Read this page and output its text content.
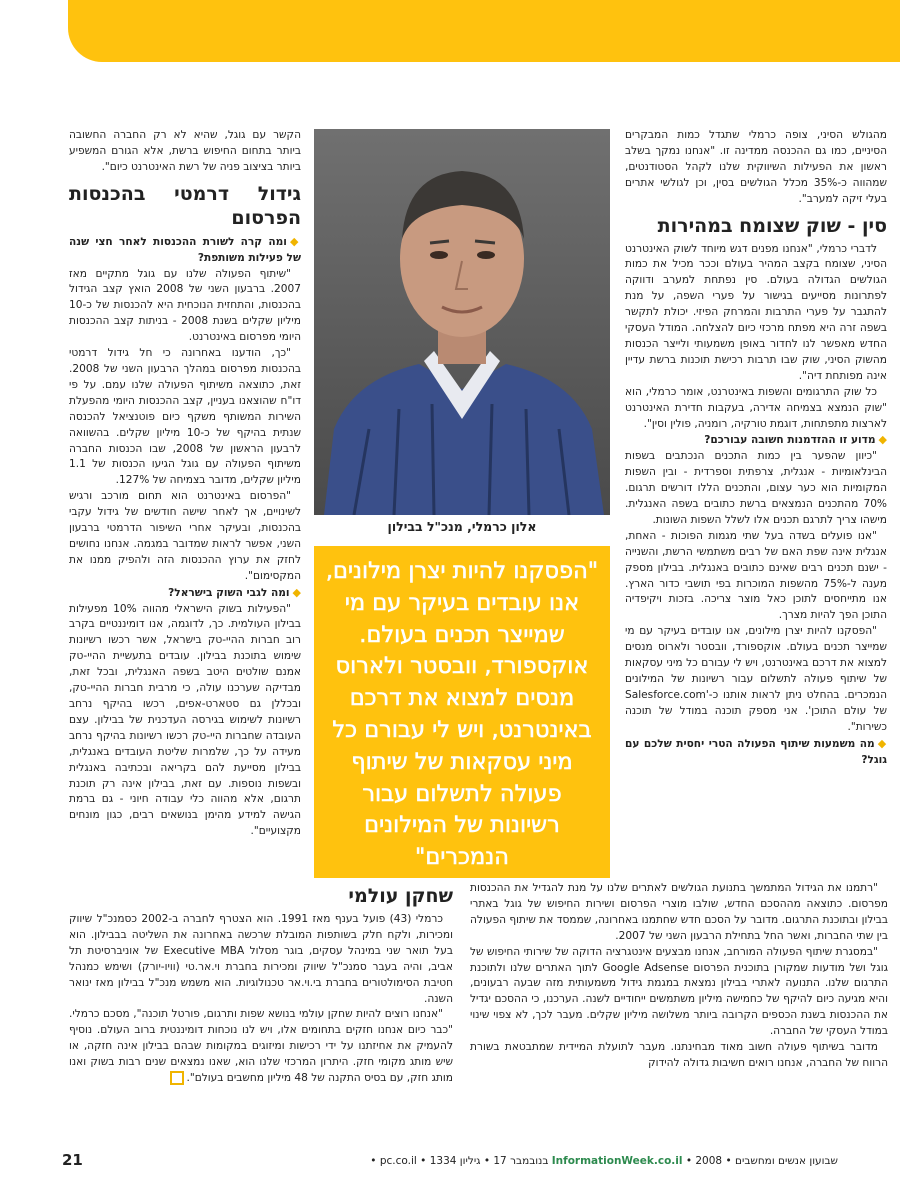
מהגולש הסיני, צופה כרמלי שתגדל כמות המבקרים הסיניים, כמו גם ההכנסה ממדינה זו. "אנחנו נמקך בשלב ראשון את הפעילות השיווקית שלנו לקהל הסטודנטים, שמהווה כ-35% מכלל הגולשים בסין, וכן לגולשי אתרים בעלי זיקה למערב".

סין - שוק שצומח במהירות

לדברי כרמלי, "אנחנו מפנים דגש מיוחד לשוק האינטרנט הסיני, שצומח בקצב המהיר בעולם וככר מכיל את כמות הגולשים הגדולה בעולם. סין נפתחת למערב ודווקה לפתרונות מסייעים בגישור על פערי השפה, על מנת להתגבר על פערי התרבות והמרחק הפיזי. יכולת לתקשר בשפה זרה היא מפתח מרכזי כיום להצלחה. המודל העסקי החדש מאפשר לנו לחדור באופן משמעותי ולייצר הכנסות מהשוק הסיני, שוק שבו תרבות רכישת תוכנות ברשת עדיין אינה מפותחת דיה".

כל שוק התרגומים והשפות באינטרנט, אומר כרמלי, הוא "שוק הנמצא בצמיחה אדירה, בעקבות חדירת האינטרנט לארצות מתפתחות, דוגמת טורקיה, רומניה, פולין וסין".

◆מדוע זו ההזדמנות חשובה עבורכם?

"כיוון שהפער בין כמות התכנים הנכתבים בשפות הבינלאומיות - אנגלית, צרפתית וספרדית - ובין השפות המקומיות הוא כער עצום, והתכנים הללו דורשים תרגום. 70% מהתכנים הנמצאים ברשת כתובים בשפה האנגלית. מישהו צריך לתרגם תכנים אלו לשלל השפות השונות.

"אנו פועלים בשדה בעל שתי מגמות הפוכות - האחת, אנגלית אינה שפת האם של רבים משתמשי הרשת, והשנייה - ישנם תכנים רבים שאינם כתובים באנגלית. בבילון מספק מענה ל-75% מהשפות המוכרות בפי תושבי כדור הארץ. אנו מתייחסים לתוכן כאל מוצר צריכה. בזכות ויקיפדיה התוכן הפך להיות מצרך.

"הפסקנו להיות יצרן מילונים, אנו עובדים בעיקר עם מי שמייצר תכנים בעולם. אוקספורד, וובסטר ולארוס מנסים למצוא את דרכם באינטרנט, ויש לי עבורם כל מיני עסקאות של שיתוף פעולה לתשלום עבור רשיונות של המילונים הנמכרים. בהחלט ניתן לראות אותנו כ-'Salesforce.com של עולם התוכן'. אני מספק תוכנה במודל של תוכנה כשירות".

◆מה משמעות שיתוף הפעולה הטרי יחסית שלכם עם גוגל?

הקשר עם גוגל, שהיא לא רק החברה החשובה ביותר בתחום החיפוש ברשת, אלא הגורם המשפיע ביותר בציצוב פניה של רשת האינטרנט כיום".

גידול דרמטי בהכנסות הפרסום

◆ומה קרה לשורת ההכנסות לאחר חצי שנה של פעילות משותפת?

"שיתוף הפעולה שלנו עם גוגל מתקיים מאז 2007. ברבעון השני של 2008 הואץ קצב הגידול בהכנסות, והתחזית הנוכחית היא להכנסות של כ-10 מיליון שקלים בשנת 2008 - בניתות קצב ההכנסות היומי מפרסום באינטרנט.

"כך, הודענו באחרונה כי חל גידול דרמטי בהכנסות מפרסום במהלך הרבעון השני של 2008. זאת, כתוצאה משיתוף הפעולה שלנו עמם. על פי דו"ח שהוצאנו בעניין, קצב ההכנסות היומי מהפעלת השירות המשותף משקף כיום פוטנציאל להכנסה שנתית בהיקף של כ-10 מיליון שקלים. בהשוואה לרבעון הראשון של 2008, שבו הכנסות החברה משיתוף הפעולה עם גוגל הגיעו הכנסות של 1.1 מיליון שקלים, מדובר בצמיחה של 127%.

"הפרסום באינטרנט הוא תחום מורכב ורגיש לשינויים, אך לאחר שישה חודשים של גידול עקבי בהכנסות, ובעיקר אחרי השיפור הדרמטי ברבעון השני, אפשר לראות שמדובר במגמה. אנחנו נחושים לחזק את ערוץ ההכנסות הזה ולהפיק ממנו את המקסימום".

◆ומה לגבי השוק בישראל?

"הפעילות בשוק הישראלי מהווה 10% מפעילות בבילון העולמית. כך, לדוגמה, אנו דומיננטיים בקרב רוב חברות ההיי-טק בישראל, אשר רכשו רשיונות שימוש בתוכנת בבילון. עובדים בתעשיית ההיי-טק אמנם שולטים היטב בשפה האנגלית, ובכל זאת, מבדיקה שערכנו עולה, כי מרבית חברות ההיי-טק, ובכללן גם סטארט-אפים, רכשו בהיקף נרחב רשיונות לשימוש בגירסה העדכנית של בבילון. עצם העובדה שחברות היי-טק רכשו רשיונות בהיקף נרחב מעידה על כך, שלמרות שליטת העובדים באנגלית, בבילון מסייעת להם בקריאה ובכתיבה באנגלית ובשפות נוספות. עם זאת, בבילון אינה רק תוכנת תרגום, אלא מהווה כלי עבודה חיוני - גם ברמת הגישה למידע מהימן בנושאים רבים, כגון מונחים מקצועיים".

אלון כרמלי, מנכ"ל בבילון

"הפסקנו להיות יצרן מילונים, אנו עובדים בעיקר עם מי שמייצר תכנים בעולם. אוקספורד, וובסטר ולארוס מנסים למצוא את דרכם באינטרנט, ויש לי עבורם כל מיני עסקאות של שיתוף פעולה לתשלום עבור רשיונות של המילונים הנמכרים"

"רתמנו את הגידול המתמשך בתנועת הגולשים לאתרים שלנו על מנת להגדיל את ההכנסות מפרסום. כתוצאה מההסכם החדש, שולבו מוצרי הפרסום ושירות החיפוש של גוגל באתרי בבילון ובתוכנת התרגום. מדובר על הסכם חדש שחתמנו באחרונה, שממסד את שיתוף הפעולה בין שתי החברות, ואשר החל בתחילת הרבעון השני של 2007.

"במסגרת שיתוף הפעולה המורחב, אנחנו מבצעים אינטגרציה הדוקה של שירותי החיפוש של גוגל ושל מודעות שמקורן בתוכנית הפרסום Google Adsense לתוך האתרים שלנו ולתוכנת התרגום שלנו. התנועה לאתרי בבילון נמצאת במגמת גידול משמעותית מזה שבעה רבעונים, והיא מגיעה כיום להיקף של כחמישה מיליון משתמשים ייחודיים לשנה. הערכנו, כי ההסכם יגדיל את ההכנסות בשנת הכספים הקרובה ביותר משלושה מיליון שקלים. מעבר לכך, לא צפוי שינוי במודל העסקי של החברה.

מדובר בשיתוף פעולה חשוב מאוד מבחינתנו. מעבר לתועלת המיידית שמתבטאת בשורת הרווח של החברה, אנחנו רואים חשיבות גדולה להידוק

שחקן עולמי

כרמלי (43) פועל בענף מאז 1991. הוא הצטרף לחברה ב-2002 כסמנכ"ל שיווק ומכירות, ולקח חלק בשותפות המובלת שרכשה באחרונה את השליטה בבבילון. הוא בעל תואר שני במינהל עסקים, בוגר מסלול Executive MBA של אוניברסיטת תל אביב, והיה בעבר סמנכ"ל שיווק ומכירות בחברת וי.אר.טי (וויו-יורק) ושימש כמנהל חטיבת הסימולטורים בחברת בי.וי.אר טכנולוגיות. הוא משמש מנכ"ל בבילון מאז ינואר השנה.

"אנחנו רוצים להיות שחקן עולמי בנושא שפות ותרגום, פורטל תוכנה", מסכם כרמלי. "כבר כיום אנחנו חזקים בתחומים אלו, ויש לנו נוכחות דומיננטית ברוב העולם. נוסיף להעמיק את אחיזתנו על ידי רכישות ומיזוגים במקומות שבהם בבילון אינה חזקה, או שיש מותג מקומי חזק. היתרון המרכזי שלנו הוא, שאנו נמצאים שנים רבות בשוק ואנו מותג חזק, עם בסיס התקנה של 48 מיליון מחשבים בעולם".

21	שבועון אנשים ומחשבים • InformationWeek.co.il • 2008 בנובמבר 17 • גיליון 1334 • pc.co.il •
